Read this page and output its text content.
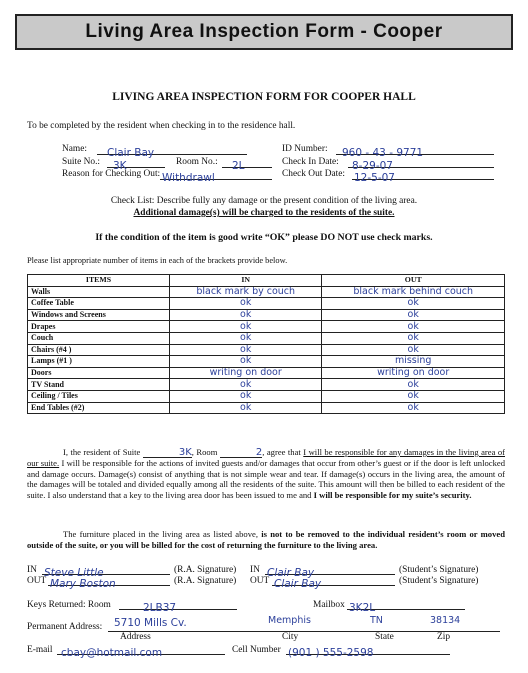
Living Area Inspection Form - Cooper
LIVING AREA INSPECTION FORM FOR COOPER HALL
To be completed by the resident when checking in to the residence hall.
Name:	Clair Bay
Suite No.:	3K	Room No.:	2L
Reason for Checking Out: Withdrawl
ID Number:	960 - 43 - 9771
Check In Date:	8-29-07
Check Out Date: 12-5-07
Check List: Describe fully any damage or the present condition of the living area.
Additional damage(s) will be charged to the residents of the suite.
If the condition of the item is good write “OK” please DO NOT use check marks.
Please list appropriate number of items in each of the brackets provide below.
ITEMS	IN	OUT
Walls	black mark by couch	black mark behind couch
Coffee Table	ok	ok
Windows and Screens	ok	ok
Drapes	ok	ok
Couch	ok	ok
Chairs (#4 )	ok	ok
Lamps (#1 )	ok	missing
Doors	writing on door	writing on door
TV Stand	ok	ok
Ceiling / Tiles	ok	ok
End Tables (#2)	ok	ok
I, the resident of Suite	3K, Room	2, agree that I will be responsible for any damages in the living area of our suite. I will be responsible for the actions of invited guests and/or damages that occur from other’s guest or if the door is left unlocked and damage occurs. Damage(s) consist of anything that is not simple wear and tear. If damage(s) occurs in the living area, the amount of the damages will be totaled and divided equally among all the residents of the suite. This amount will then be billed to each resident of the suite. I also understand that a key to the living area door has been issued to me and I will be responsible for my suite’s security.
The furniture placed in the living area as listed above, is not to be removed to the individual resident’s room or moved outside of the suite, or you will be billed for the cost of returning the furniture to the living area.
IN Steve Little	(R.A. Signature) IN Clair Bay	(Student’s Signature)
OUT Mary Boston	(R.A. Signature) OUT Clair Bay	(Student’s Signature)
Keys Returned: Room	2LB37	Mailbox 3K2L
Permanent Address: 5710 Mills Cv.	Memphis	TN	38134
Address	City	State	Zip
E-mail cbay@hotmail.com	Cell Number (901 ) 555-2598
